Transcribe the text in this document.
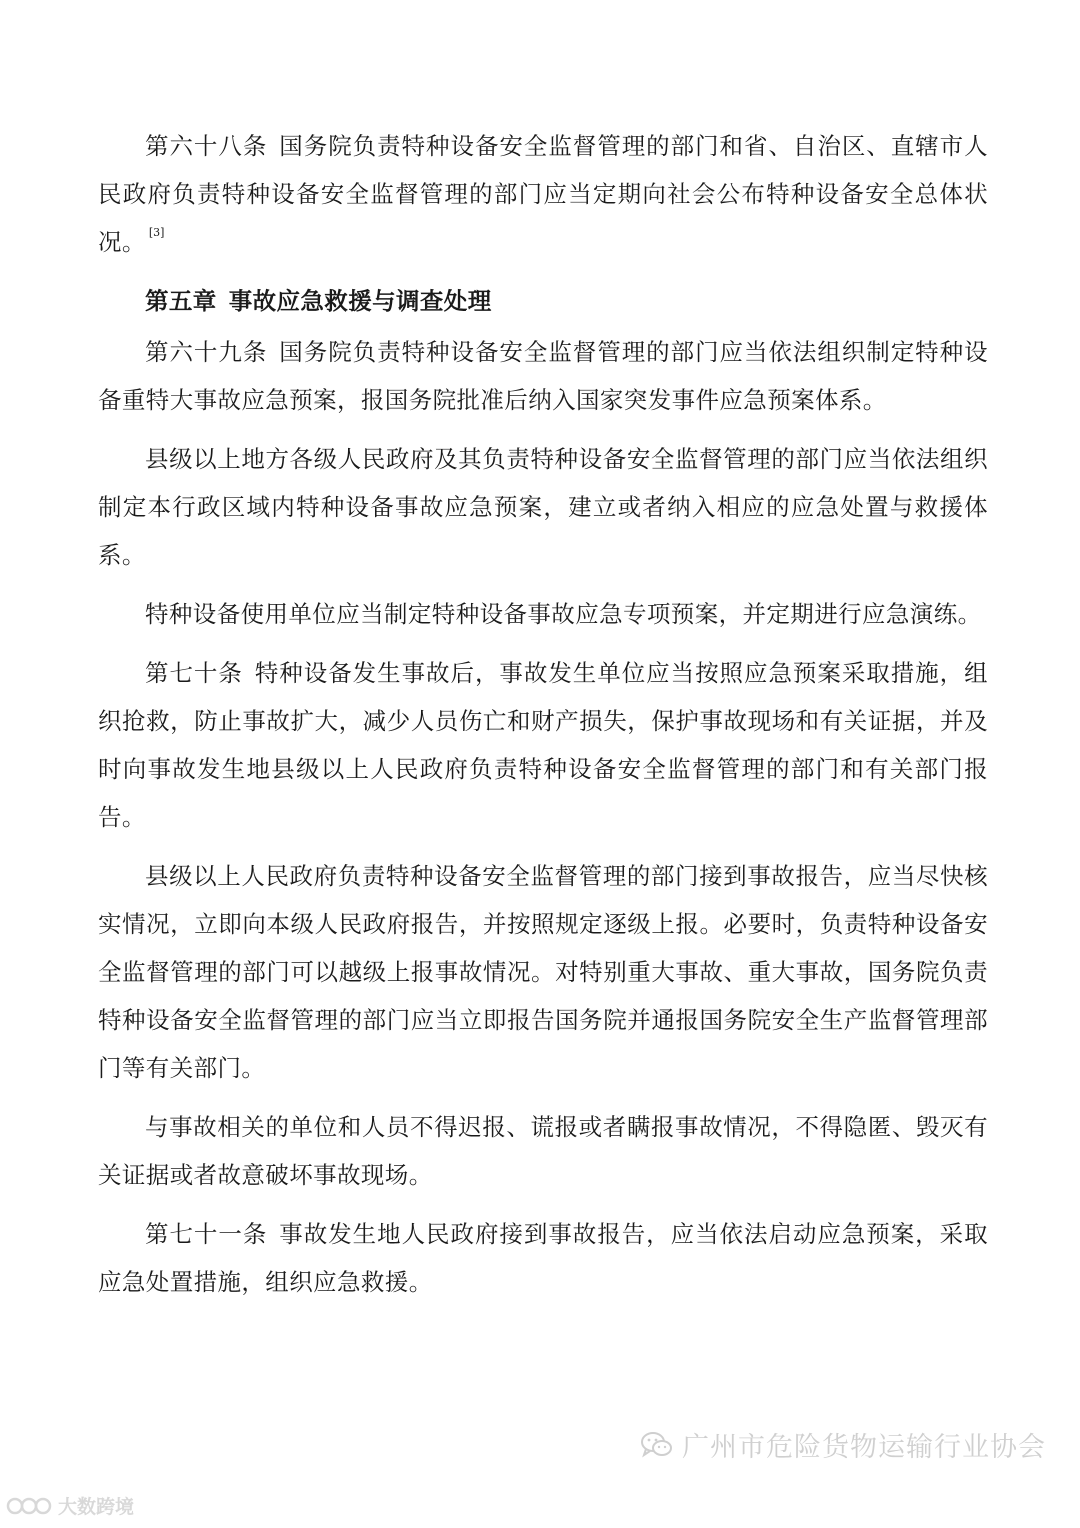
第六十八条 国务院负责特种设备安全监督管理的部门和省、自治区、直辖市人民政府负责特种设备安全监督管理的部门应当定期向社会公布特种设备安全总体状况。 [3]

第五章 事故应急救援与调查处理

第六十九条 国务院负责特种设备安全监督管理的部门应当依法组织制定特种设备重特大事故应急预案，报国务院批准后纳入国家突发事件应急预案体系。

县级以上地方各级人民政府及其负责特种设备安全监督管理的部门应当依法组织制定本行政区域内特种设备事故应急预案，建立或者纳入相应的应急处置与救援体系。

特种设备使用单位应当制定特种设备事故应急专项预案，并定期进行应急演练。

第七十条 特种设备发生事故后，事故发生单位应当按照应急预案采取措施，组织抢救，防止事故扩大，减少人员伤亡和财产损失，保护事故现场和有关证据，并及时向事故发生地县级以上人民政府负责特种设备安全监督管理的部门和有关部门报告。

县级以上人民政府负责特种设备安全监督管理的部门接到事故报告，应当尽快核实情况，立即向本级人民政府报告，并按照规定逐级上报。必要时，负责特种设备安全监督管理的部门可以越级上报事故情况。对特别重大事故、重大事故，国务院负责特种设备安全监督管理的部门应当立即报告国务院并通报国务院安全生产监督管理部门等有关部门。

与事故相关的单位和人员不得迟报、谎报或者瞒报事故情况，不得隐匿、毁灭有关证据或者故意破坏事故现场。

第七十一条 事故发生地人民政府接到事故报告，应当依法启动应急预案，采取应急处置措施，组织应急救援。

广州市危险货物运输行业协会
大数跨境
